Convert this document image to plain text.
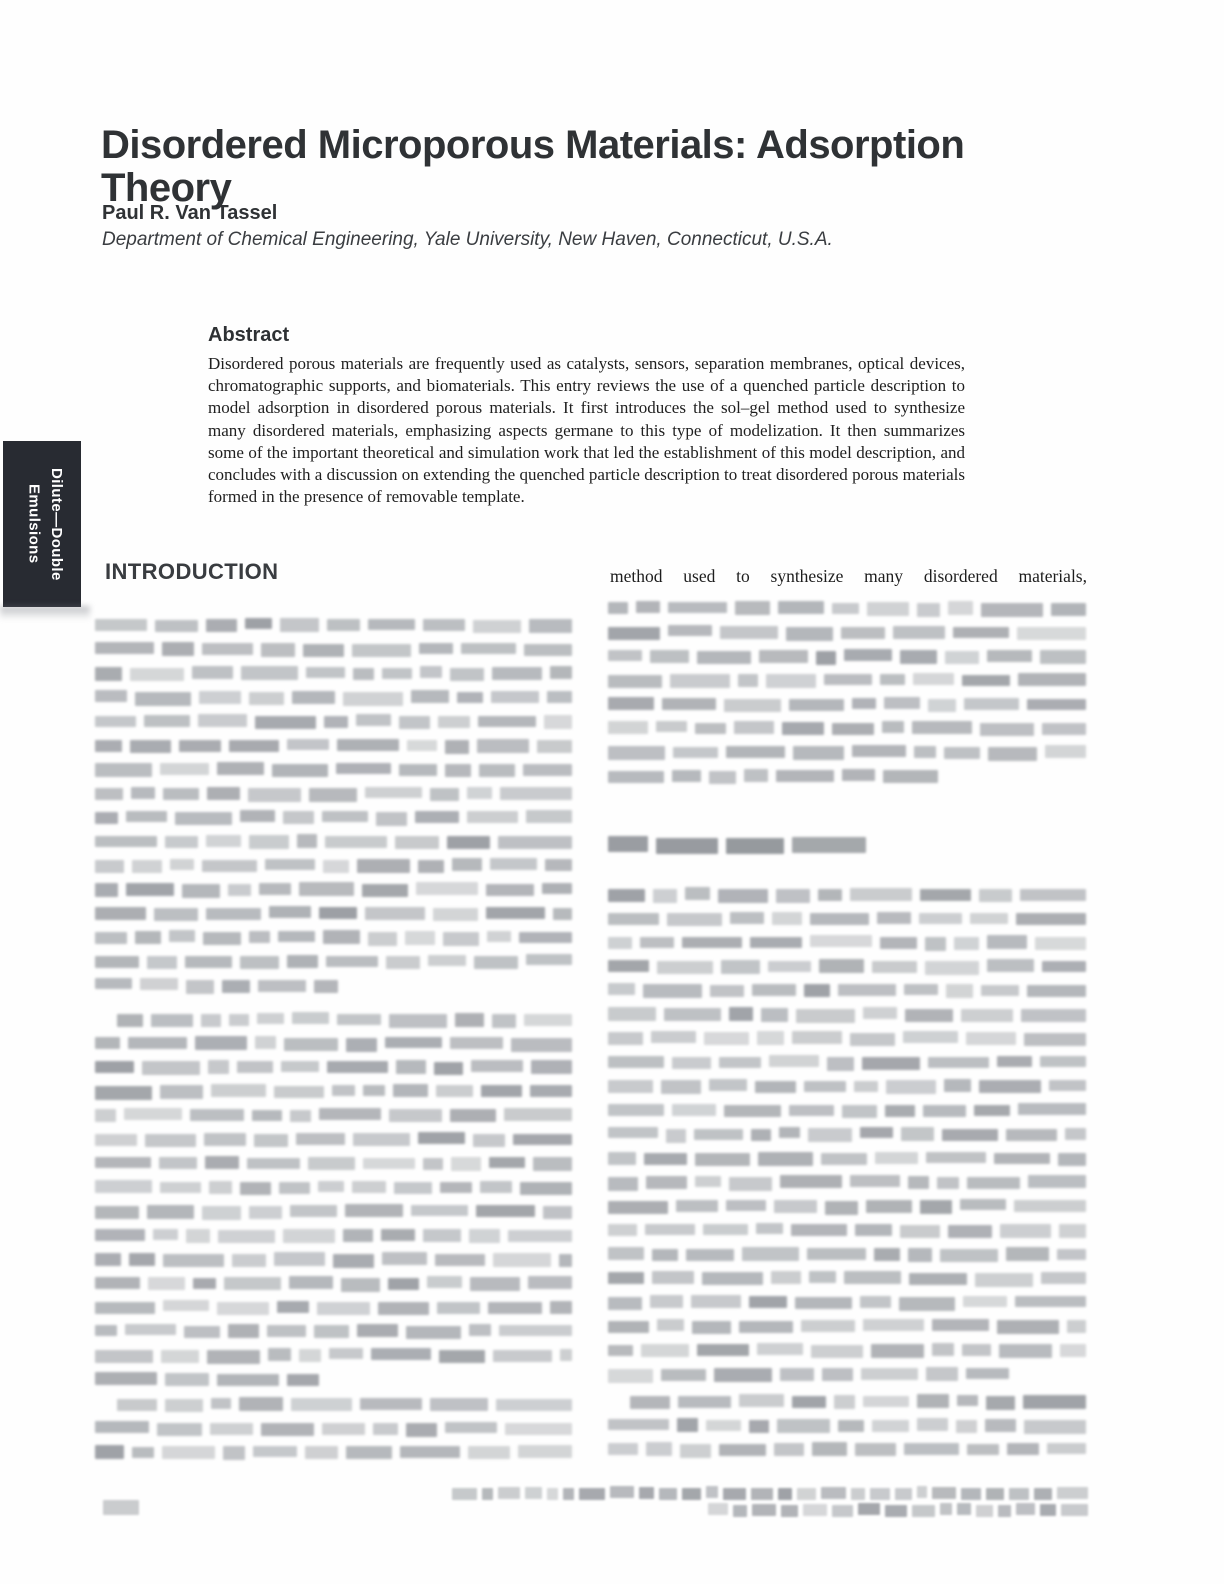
Disordered Microporous Materials: Adsorption Theory
Paul R. Van Tassel
Department of Chemical Engineering, Yale University, New Haven, Connecticut, U.S.A.
Abstract

Disordered porous materials are frequently used as catalysts, sensors, separation membranes, optical devices, chromatographic supports, and biomaterials. This entry reviews the use of a quenched particle description to model adsorption in disordered porous materials. It first introduces the sol–gel method used to synthesize many disordered materials, emphasizing aspects germane to this type of modelization. It then summarizes some of the important theoretical and simulation work that led the establishment of this model description, and concludes with a discussion on extending the quenched particle description to treat disordered porous materials formed in the presence of removable template.

Dilute—Double
Emulsions
INTRODUCTION	method used to synthesize many disordered materials,
